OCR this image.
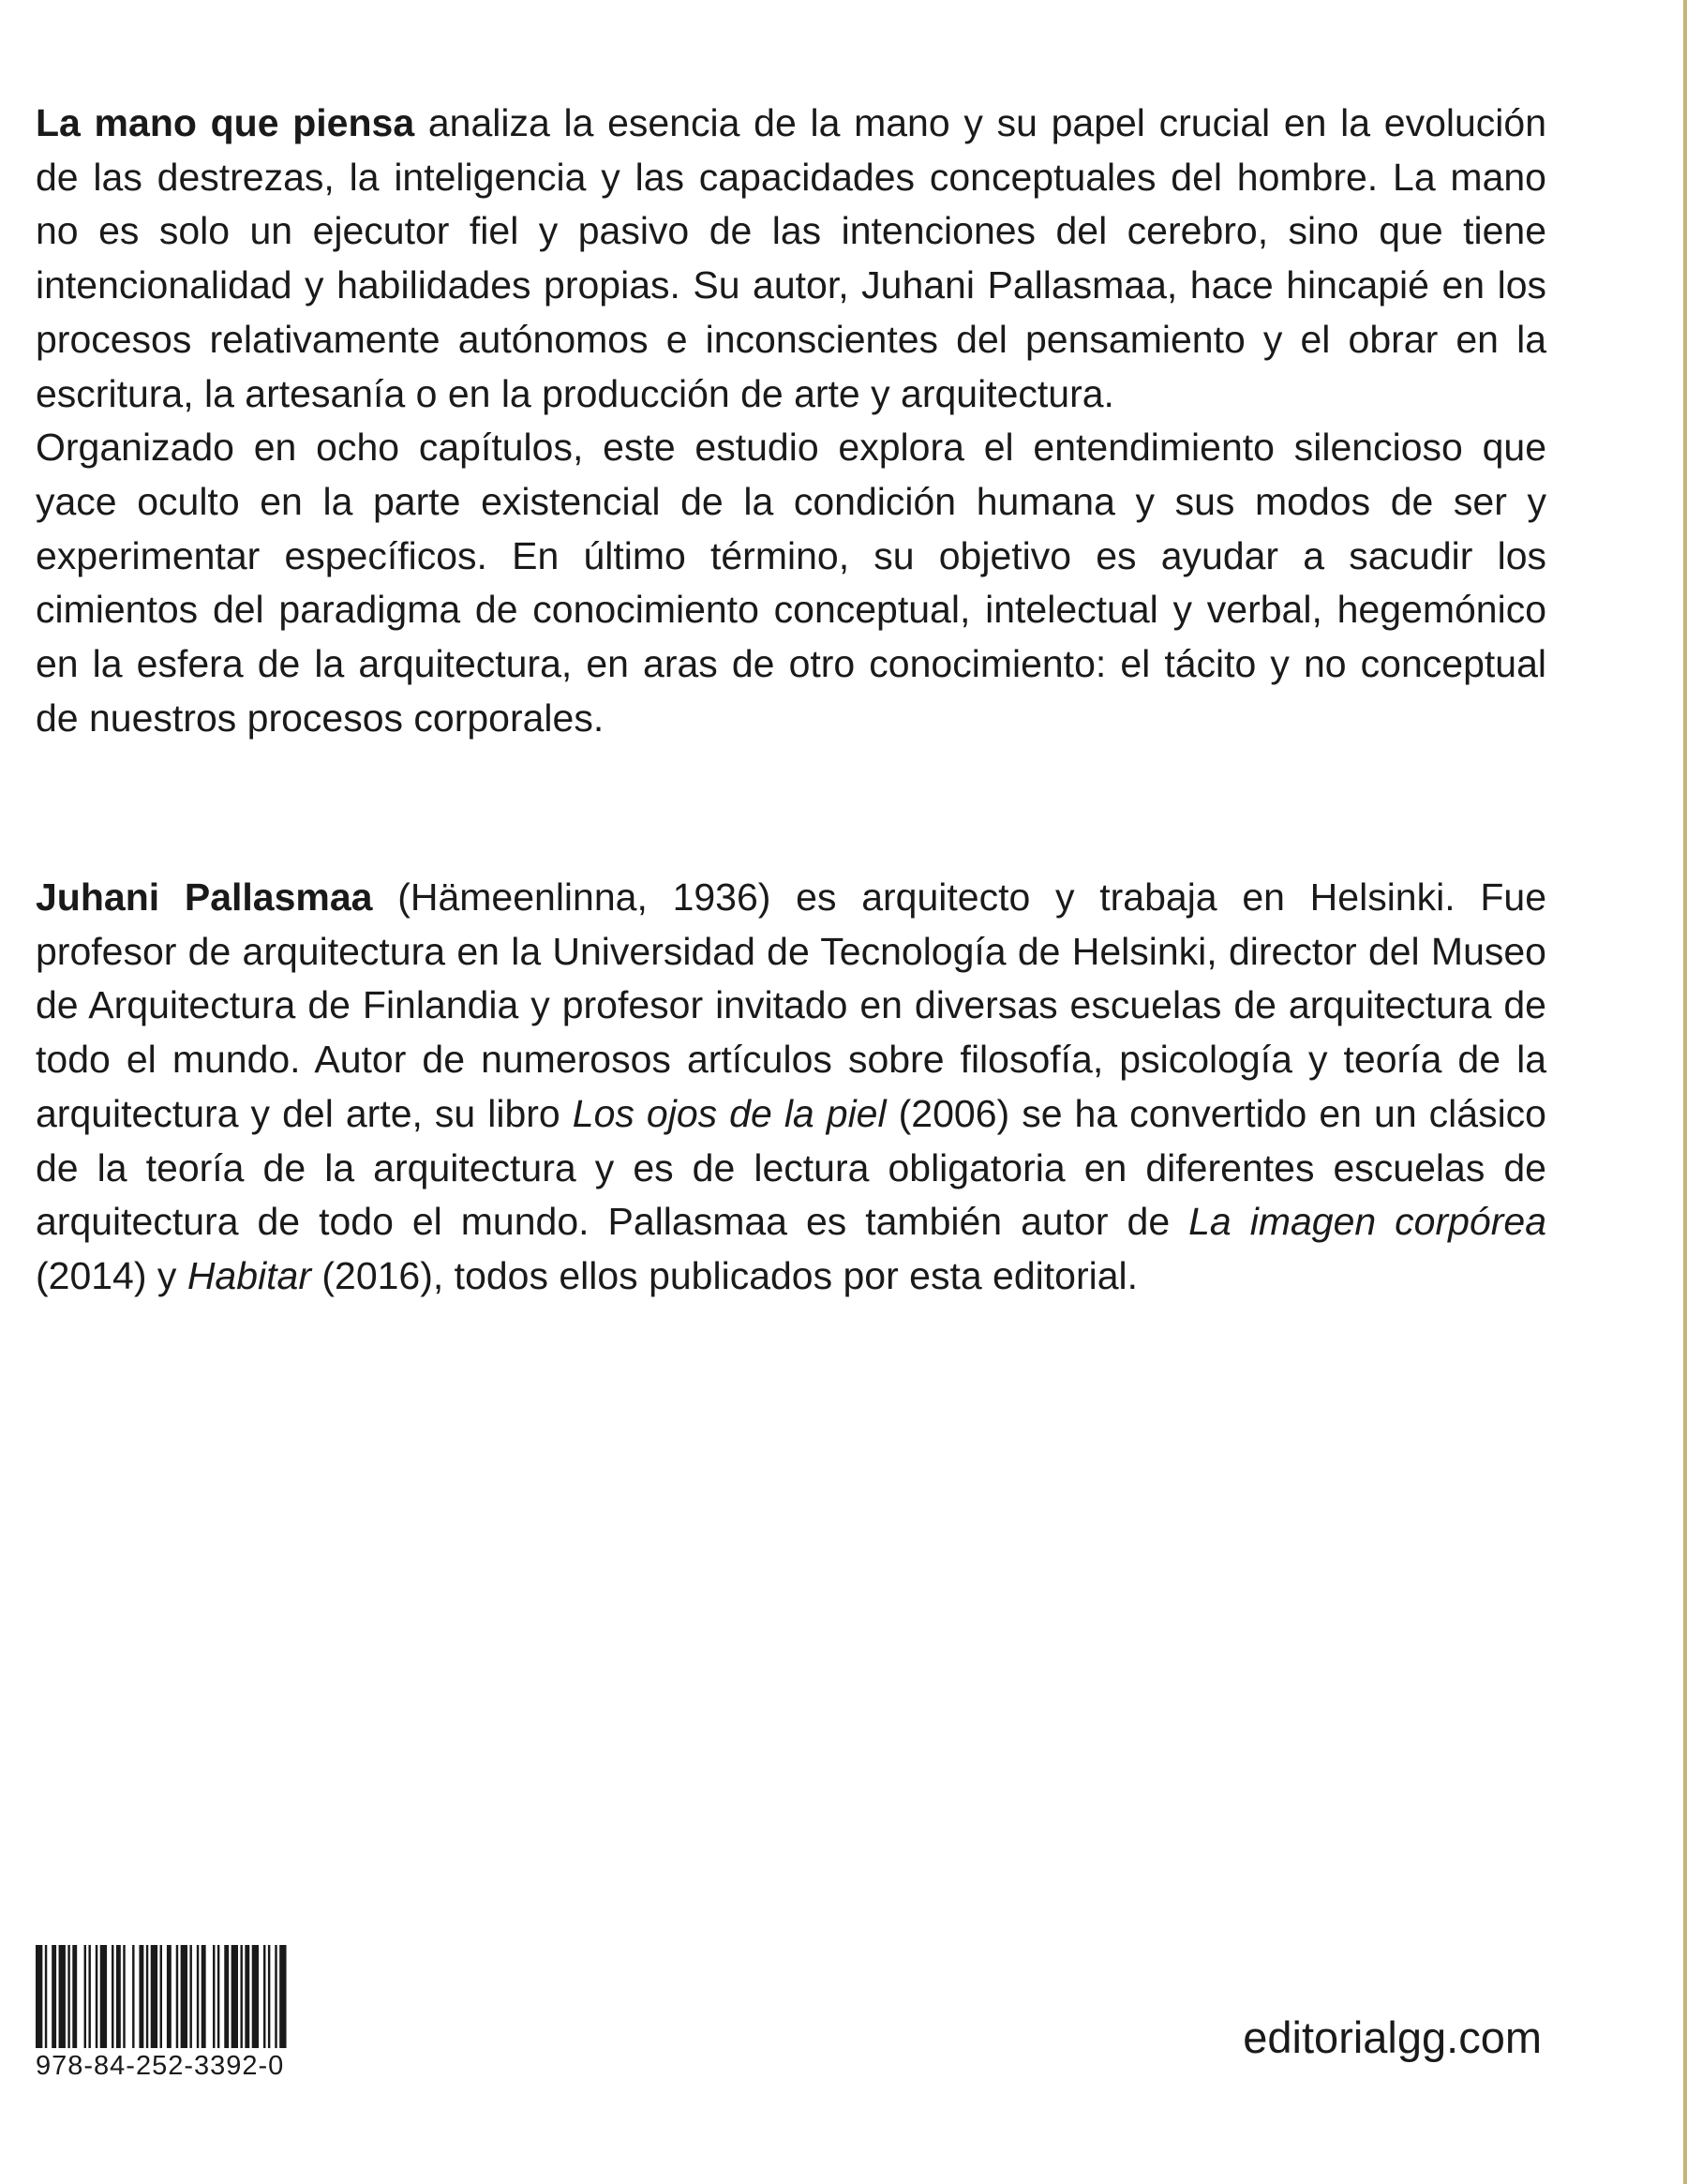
La mano que piensa analiza la esencia de la mano y su papel crucial en la evolución de las destrezas, la inteligencia y las capacidades conceptuales del hombre. La mano no es solo un ejecutor fiel y pasivo de las intenciones del cerebro, sino que tiene intencionalidad y habilidades propias. Su autor, Juhani Pallasmaa, hace hincapié en los procesos relativamente autónomos e inconscientes del pensamiento y el obrar en la escritura, la artesanía o en la producción de arte y arquitectura.

Organizado en ocho capítulos, este estudio explora el entendimiento silencioso que yace oculto en la parte existencial de la condición humana y sus modos de ser y experimentar específicos. En último término, su objetivo es ayudar a sacudir los cimientos del paradigma de conocimiento conceptual, intelectual y verbal, hegemónico en la esfera de la arquitectura, en aras de otro conocimiento: el tácito y no conceptual de nuestros procesos corporales.

Juhani Pallasmaa (Hämeenlinna, 1936) es arquitecto y trabaja en Helsinki. Fue profesor de arquitectura en la Universidad de Tecnología de Helsinki, director del Museo de Arquitectura de Finlandia y profesor invitado en diversas escuelas de arquitectura de todo el mundo. Autor de numerosos artículos sobre filosofía, psicología y teoría de la arquitectura y del arte, su libro Los ojos de la piel (2006) se ha convertido en un clásico de la teoría de la arquitectura y es de lectura obligatoria en diferentes escuelas de arquitectura de todo el mundo. Pallasmaa es también autor de La imagen corpórea (2014) y Habitar (2016), todos ellos publicados por esta editorial.

978-84-252-3392-0
editorialgg.com
